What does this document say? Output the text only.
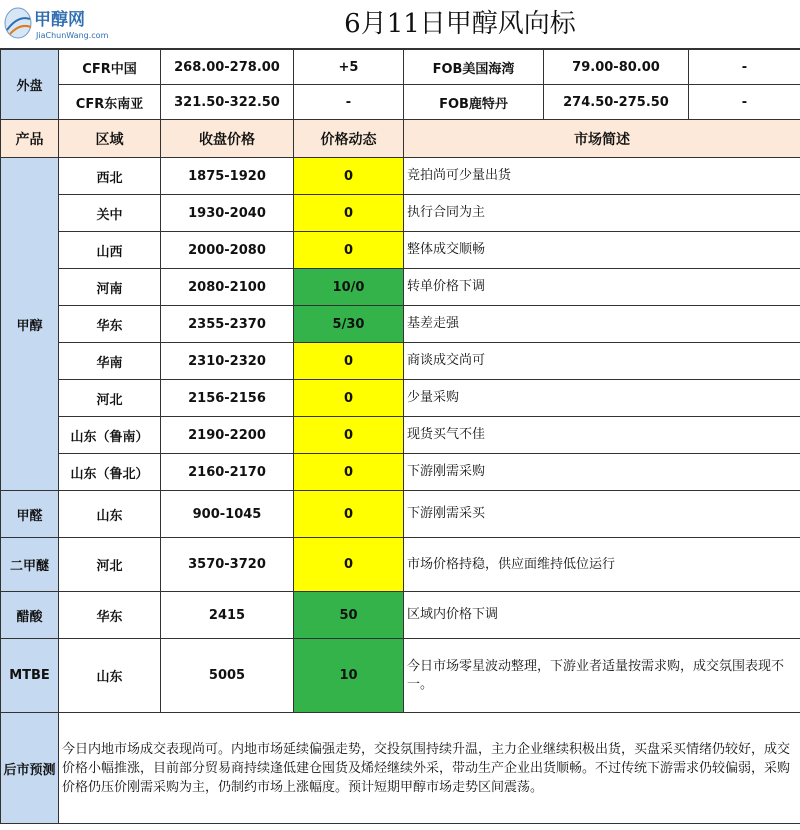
甲醇网
JiaChunWang.com	6月11日甲醇风向标
外盘	CFR中国	268.00-278.00	+5	FOB美国海湾	79.00-80.00	-
	CFR东南亚	321.50-322.50	-	FOB鹿特丹	274.50-275.50	-
产品	区域	收盘价格	价格动态	市场简述		
甲醇	西北	1875-1920	0	竞拍尚可少量出货		
	关中	1930-2040	0	执行合同为主		
	山西	2000-2080	0	整体成交顺畅		
	河南	2080-2100	10/0	转单价格下调		
	华东	2355-2370	5/30	基差走强		
	华南	2310-2320	0	商谈成交尚可		
	河北	2156-2156	0	少量采购		
	山东（鲁南）	2190-2200	0	现货买气不佳		
	山东（鲁北）	2160-2170	0	下游刚需采购		
甲醛	山东	900-1045	0	下游刚需采买		
二甲醚	河北	3570-3720	0	市场价格持稳，供应面维持低位运行		
醋酸	华东	2415	50	区域内价格下调		
MTBE	山东	5005	10	今日市场零星波动整理，下游业者适量按需求购，成交氛围表现不一。		
后市预测	今日内地市场成交表现尚可。内地市场延续偏强走势，交投氛围持续升温，主力企业继续积极出货，买盘采买情绪仍较好，成交价格小幅推涨，目前部分贸易商持续逢低建仓囤货及烯烃继续外采，带动生产企业出货顺畅。不过传统下游需求仍较偏弱，采购价格仍压价刚需采购为主，仍制约市场上涨幅度。预计短期甲醇市场走势区间震荡。					
